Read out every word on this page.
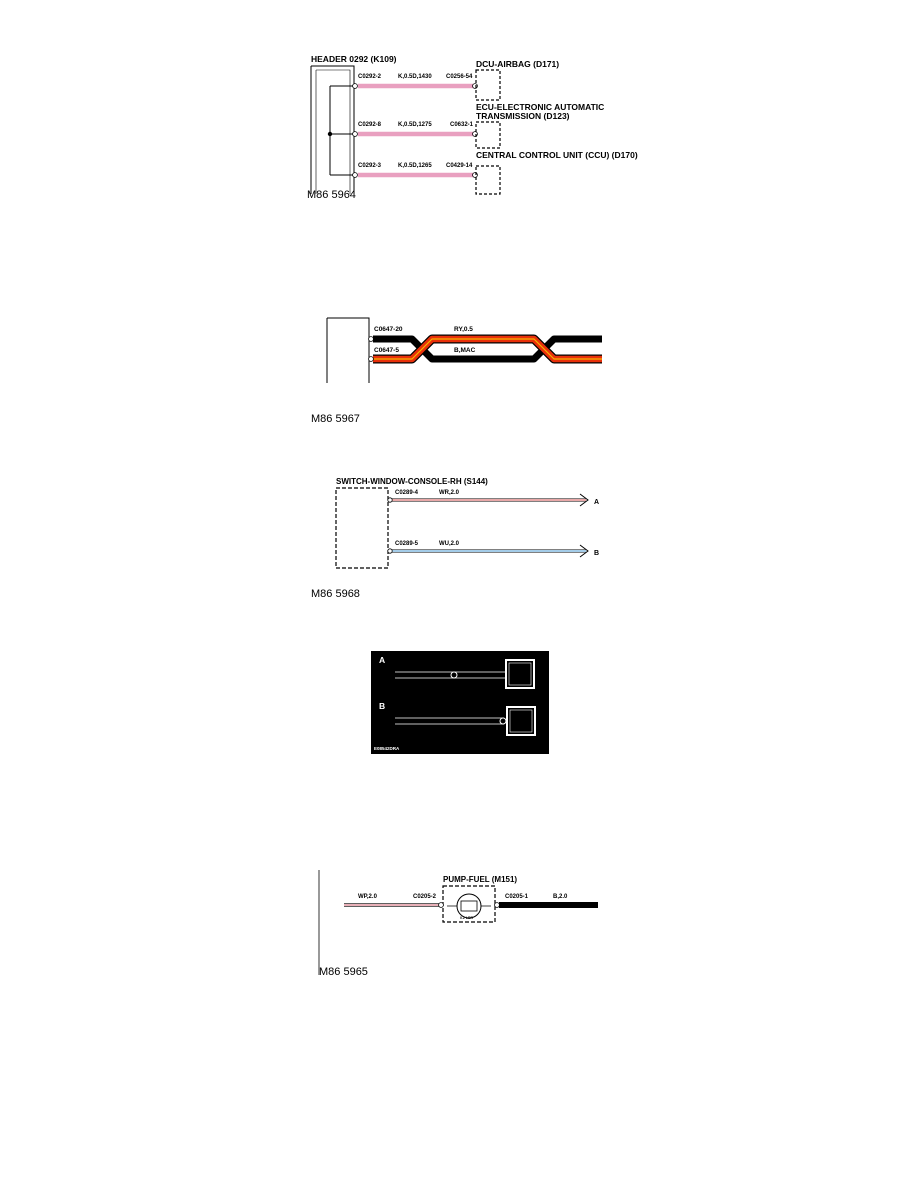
HEADER 0292 (K109)
C0292-2	K,0.5D,1430 C0256-54
DCU-AIRBAG (D171)
C0292-8	K,0.5D,1275	C0632-1
ECU-ELECTRONIC AUTOMATIC
TRANSMISSION (D123)
C0292-3	K,0.5D,1265 C0429-14
CENTRAL CONTROL UNIT (CCU) (D170)
M86 5964
C0647-20
C0647-5
RY,0.5
B,MAC
M86 5967
SWITCH-WINDOW-CONSOLE-RH (S144)
C0289-4	WR,2.0
A
C0289-5	WU,2.0
B
M86 5968
A
B
E08542DRA
PUMP-FUEL (M151)
0.2 LBR
WP,2.0	C0205-2	C0205-1	B,2.0
M86 5965
